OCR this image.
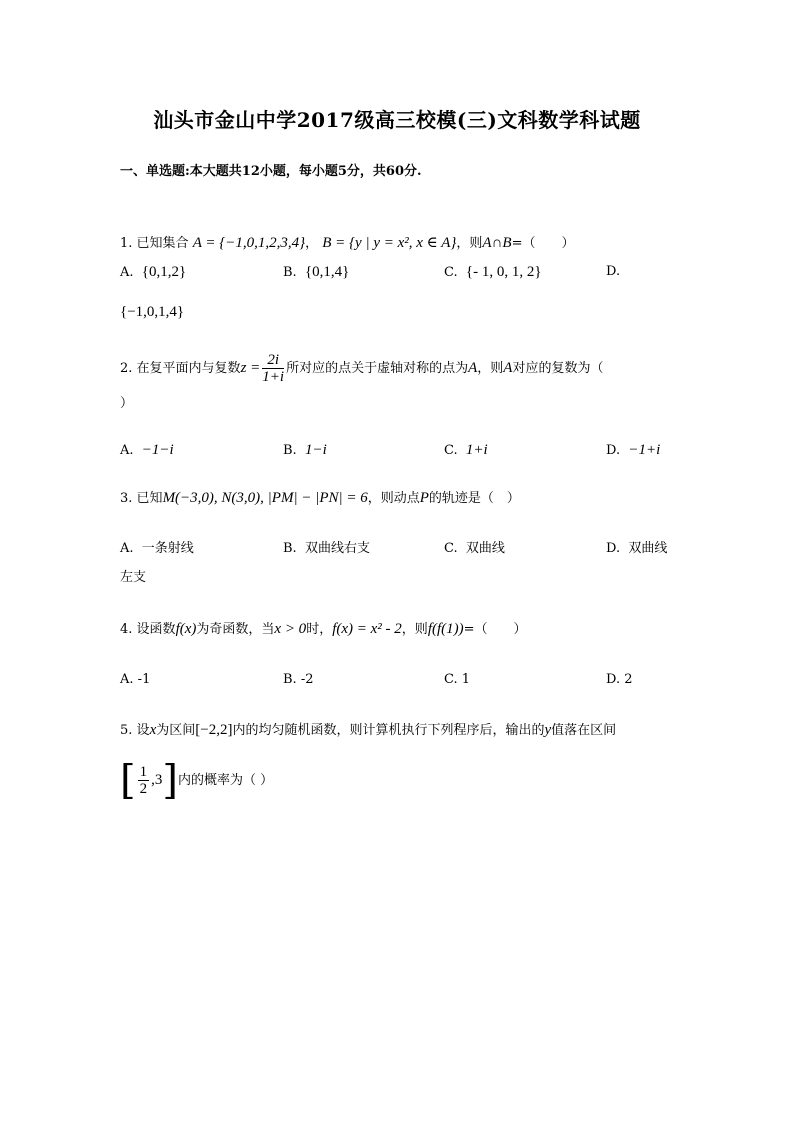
汕头市金山中学2017级高三校模(三)文科数学科试题
一、单选题:本大题共12小题，每小题5分，共60分.
1. 已知集合 A = {−1,0,1,2,3,4}， B = {y | y = x², x ∈ A}，则A∩B=（　　）
A. {0,1,2}	B. {0,1,4}	C. {- 1, 0, 1, 2}	D.
{−1,0,1,4}
2. 在复平面内与复数$z = \frac{2i}{1+i}$ 所对应的点关于虚轴对称的点为A，则A对应的复数为（
）
A. −1−i	B. 1−i	C. 1+i	D. −1+i
3. 已知M(−3,0), N(3,0), |PM| − |PN| = 6，则动点P的轨迹是（　）
A. 一条射线	B. 双曲线右支	C. 双曲线	D. 双曲线
左支
4. 设函数f(x)为奇函数，当x > 0时，f(x) = x² - 2，则f(f(1))=（　　）
A. -1	B. -2	C. 1	D. 2
5. 设x为区间[−2,2]内的均匀随机函数，则计算机执行下列程序后，输出的y值落在区间
[ $\frac{1}{2} ,3$]内的概率为（ ）
